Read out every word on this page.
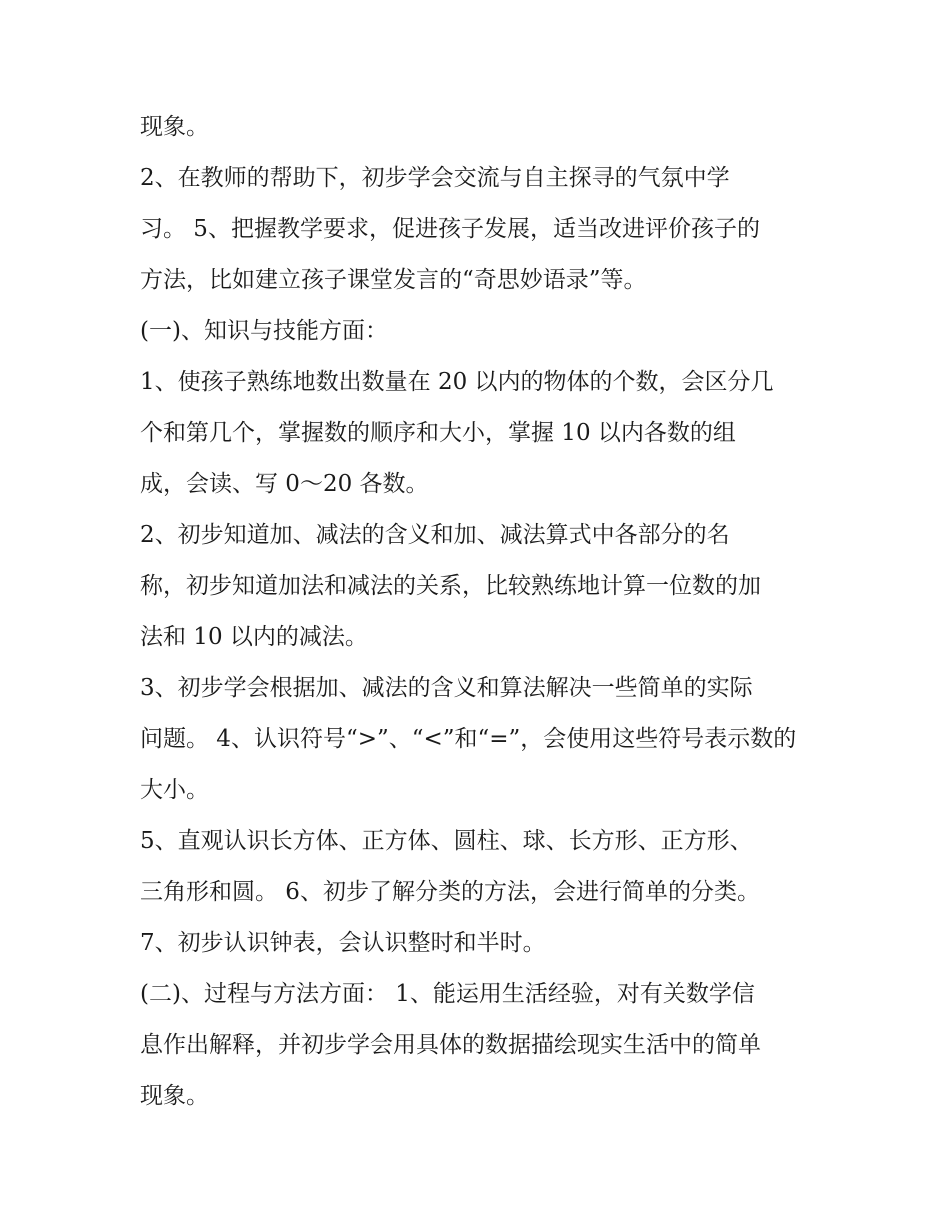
现象。
2、在教师的帮助下，初步学会交流与自主探寻的气氛中学
习。 5、把握教学要求，促进孩子发展，适当改进评价孩子的
方法，比如建立孩子课堂发言的“奇思妙语录”等。
(一)、知识与技能方面：
1、使孩子熟练地数出数量在 20 以内的物体的个数，会区分几
个和第几个，掌握数的顺序和大小，掌握 10 以内各数的组
成，会读、写 0～20 各数。
2、初步知道加、减法的含义和加、减法算式中各部分的名
称，初步知道加法和减法的关系，比较熟练地计算一位数的加
法和 10 以内的减法。
3、初步学会根据加、减法的含义和算法解决一些简单的实际
问题。 4、认识符号“>”、“<”和“=”，会使用这些符号表示数的
大小。
5、直观认识长方体、正方体、圆柱、球、长方形、正方形、
三角形和圆。 6、初步了解分类的方法，会进行简单的分类。
7、初步认识钟表，会认识整时和半时。
(二)、过程与方法方面： 1、能运用生活经验，对有关数学信
息作出解释，并初步学会用具体的数据描绘现实生活中的简单
现象。
